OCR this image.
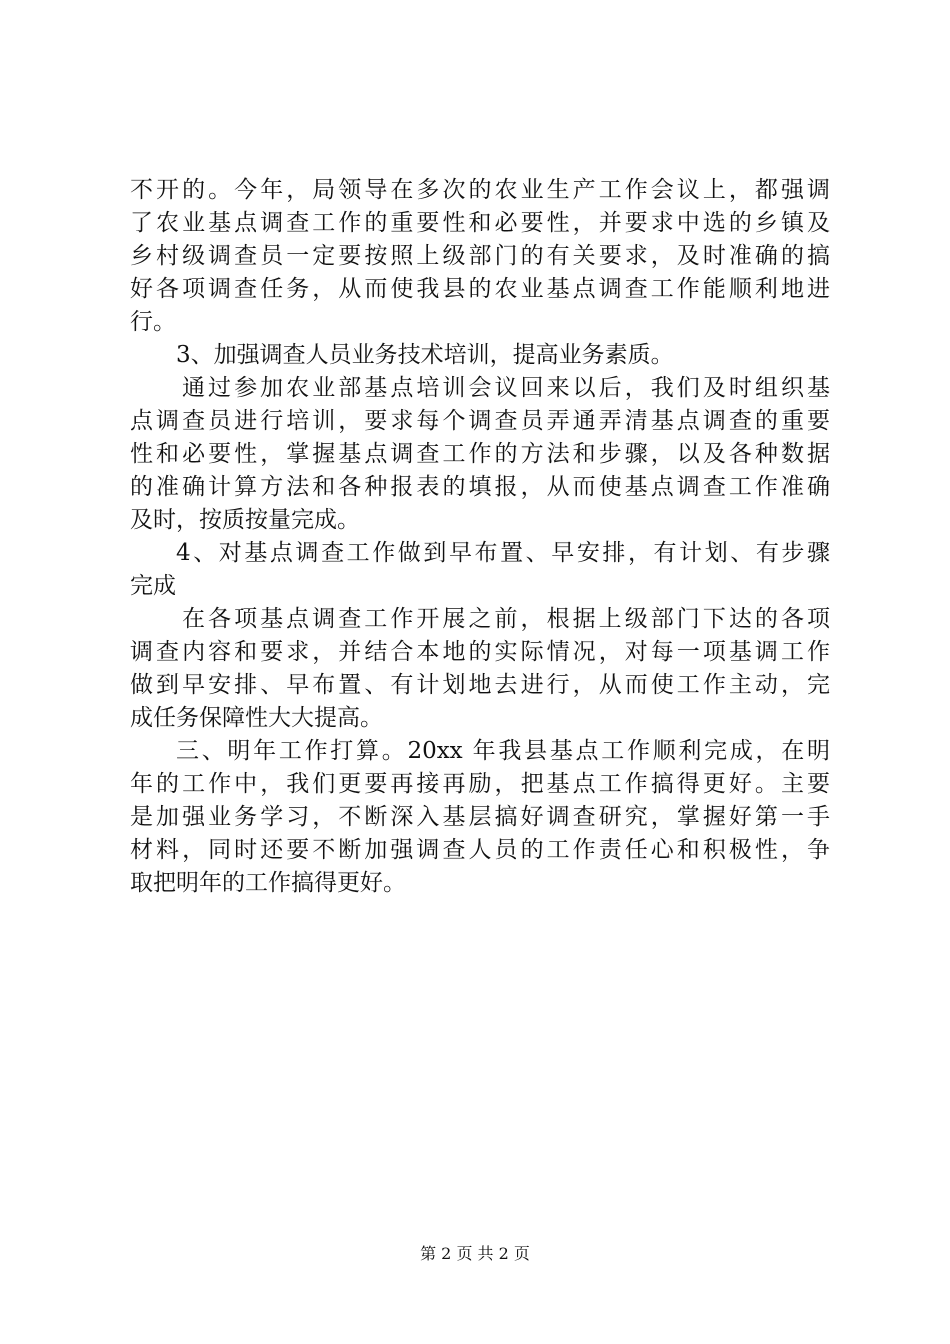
不开的。今年，局领导在多次的农业生产工作会议上，都强调
了农业基点调查工作的重要性和必要性，并要求中选的乡镇及
乡村级调查员一定要按照上级部门的有关要求，及时准确的搞
好各项调查任务，从而使我县的农业基点调查工作能顺利地进
行。
3、加强调查人员业务技术培训，提高业务素质。
通过参加农业部基点培训会议回来以后，我们及时组织基
点调查员进行培训，要求每个调查员弄通弄清基点调查的重要
性和必要性，掌握基点调查工作的方法和步骤，以及各种数据
的准确计算方法和各种报表的填报，从而使基点调查工作准确
及时，按质按量完成。
4、对基点调查工作做到早布置、早安排，有计划、有步骤
完成
在各项基点调查工作开展之前，根据上级部门下达的各项
调查内容和要求，并结合本地的实际情况，对每一项基调工作
做到早安排、早布置、有计划地去进行，从而使工作主动，完
成任务保障性大大提高。
三、明年工作打算。20xx 年我县基点工作顺利完成，在明
年的工作中，我们更要再接再励，把基点工作搞得更好。主要
是加强业务学习，不断深入基层搞好调查研究，掌握好第一手
材料，同时还要不断加强调查人员的工作责任心和积极性，争
取把明年的工作搞得更好。
第 2 页 共 2 页
